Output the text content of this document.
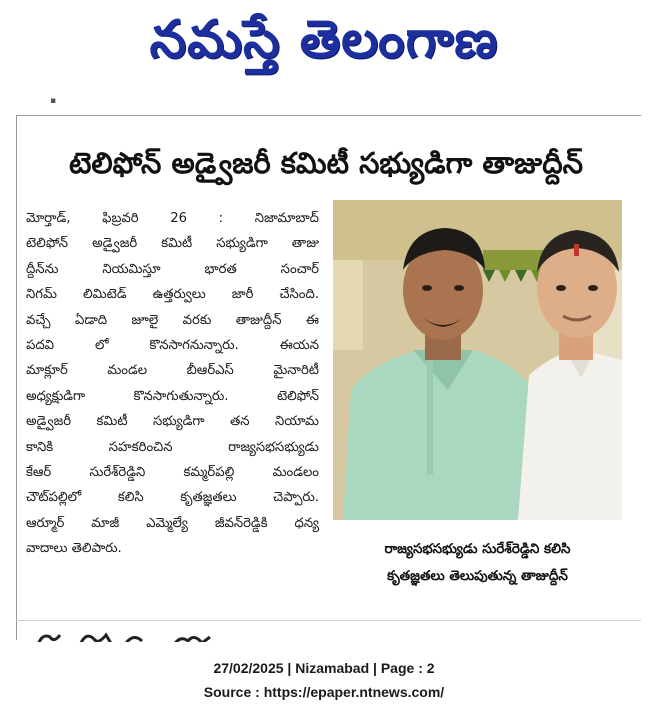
నమస్తే తెలంగాణ
▪
టెలిఫోన్ అడ్వైజరీ కమిటీ సభ్యుడిగా తాజుద్దీన్
మోర్తాడ్, ఫిబ్రవరి 26 : నిజామాబాద్
టెలిఫోన్ అడ్వైజరీ కమిటీ సభ్యుడిగా తాజు
ద్దీన్‌ను నియమిస్తూ భారత సంచార్
నిగమ్ లిమిటెడ్ ఉత్తర్వులు జారీ చేసింది.
వచ్చే ఏడాది జూలై వరకు తాజుద్దీన్ ఈ
పదవి లో కొనసాగనున్నారు. ఈయన
మాక్లూర్ మండల బీఆర్‌ఎస్ మైనారిటీ
అధ్యక్షుడిగా కొనసాగుతున్నారు. టెలిఫోన్
అడ్వైజరీ కమిటీ సభ్యుడిగా తన నియామ
కానికి సహకరించిన రాజ్యసభసభ్యుడు
కేఆర్ సురేశ్‌రెడ్డిని కమ్మర్‌పల్లి మండలం
చౌట్‌పల్లిలో కలిసి కృతజ్ఞతలు చెప్పారు.
ఆర్మూర్ మాజీ ఎమ్మెల్యే జీవన్‌రెడ్డికి ధన్య
వాదాలు తెలిపారు.	రాజ్యసభసభ్యుడు సురేశ్‌రెడ్డిని కలిసి
కృతజ్ఞతలు తెలుపుతున్న తాజుద్దీన్
27/02/2025 | Nizamabad | Page : 2
Source : https://epaper.ntnews.com/
